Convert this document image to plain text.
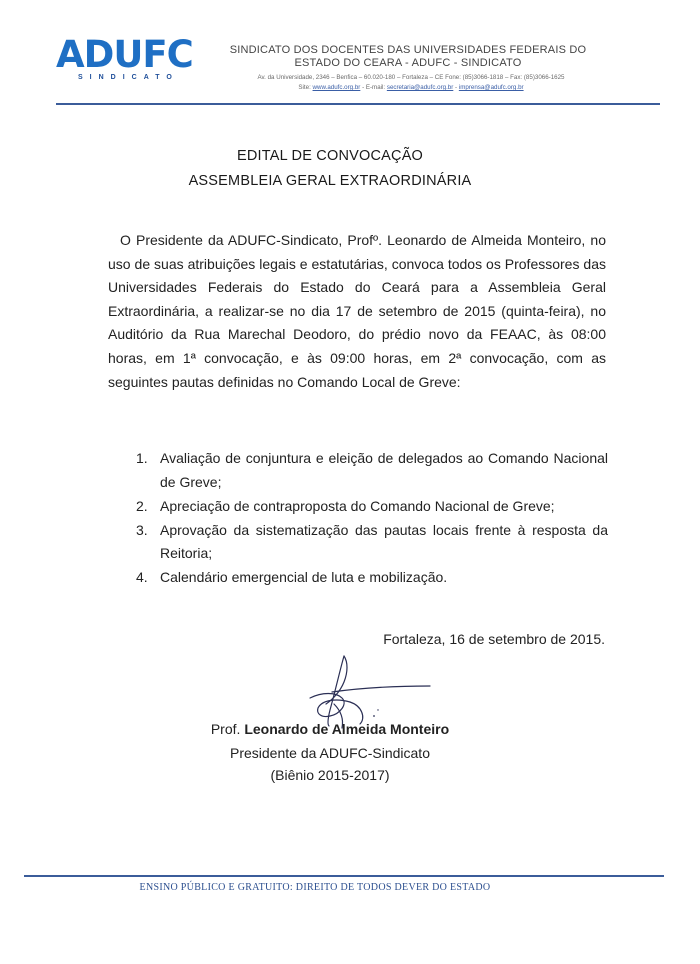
ADUFC
SINDICATO
SINDICATO DOS DOCENTES DAS UNIVERSIDADES FEDERAIS DO
ESTADO DO CEARA - ADUFC - SINDICATO
Av. da Universidade, 2346 – Benfica – 60.020-180 – Fortaleza – CE Fone: (85)3066-1818 – Fax: (85)3066-1625
Site: www.adufc.org.br - E-mail: secretaria@adufc.org.br - imprensa@adufc.org.br
EDITAL DE CONVOCAÇÃO
ASSEMBLEIA GERAL EXTRAORDINÁRIA
O Presidente da ADUFC-Sindicato, Profº. Leonardo de Almeida Monteiro, no uso de suas atribuições legais e estatutárias, convoca todos os Professores das Universidades Federais do Estado do Ceará para a Assembleia Geral Extraordinária, a realizar-se no dia 17 de setembro de 2015 (quinta-feira), no Auditório da Rua Marechal Deodoro, do prédio novo da FEAAC, às 08:00 horas, em 1ª convocação, e às 09:00 horas, em 2ª convocação, com as seguintes pautas definidas no Comando Local de Greve:
1. Avaliação de conjuntura e eleição de delegados ao Comando Nacional de Greve;
2. Apreciação de contraproposta do Comando Nacional de Greve;
3. Aprovação da sistematização das pautas locais frente à resposta da Reitoria;
4. Calendário emergencial de luta e mobilização.
Fortaleza, 16 de setembro de 2015.
Prof. Leonardo de Almeida Monteiro
Presidente da ADUFC-Sindicato
(Biênio 2015-2017)
ENSINO PÚBLICO E GRATUITO: DIREITO DE TODOS DEVER DO ESTADO
